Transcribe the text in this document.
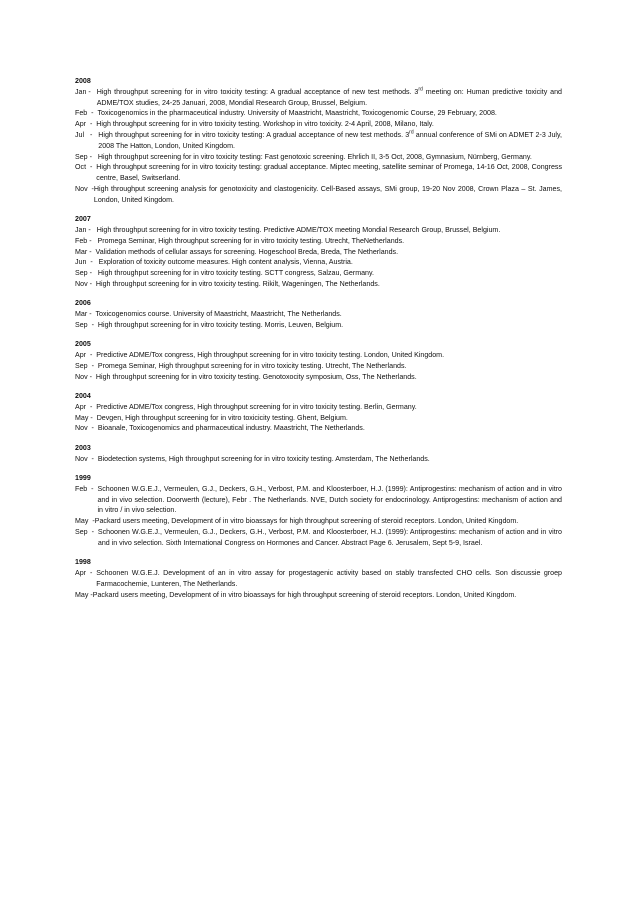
2008
Jan - High throughput screening for in vitro toxicity testing: A gradual acceptance of new test methods. 3rd meeting on: Human predictive toxicity and ADME/TOX studies, 24-25 Januari, 2008, Mondial Research Group, Brussel, Belgium.
Feb  - Toxicogenomics in the pharmaceutical industry. University of Maastricht, Maastricht, Toxicogenomic Course, 29 February, 2008.
Apr  - High throughput screening for in vitro toxicity testing. Workshop in vitro toxicity. 2-4 April, 2008, Milano, Italy.
Jul   - High throughput screening for in vitro toxicity testing: A gradual acceptance of new test methods. 3rd annual conference of SMi on ADMET 2-3 July, 2008 The Hatton, London, United Kingdom.
Sep - High throughput screening for in vitro toxicity testing: Fast genotoxic screening. Ehrlich II, 3-5 Oct, 2008, Gymnasium, Nürnberg, Germany.
Oct  - High throughput screening for in vitro toxicity testing: gradual acceptance. Miptec meeting, satellite seminar of Promega, 14-16 Oct, 2008, Congress centre, Basel, Switserland.
Nov  - High throughput screening analysis for genotoxicity and clastogenicity. Cell-Based assays, SMi group, 19-20 Nov 2008, Crown Plaza – St. James, London, United Kingdom.
2007
Jan - High throughput screening for in vitro toxicity testing. Predictive ADME/TOX meeting Mondial Research Group, Brussel, Belgium.
Feb - Promega Seminar, High throughput screening for in vitro toxicity testing. Utrecht, TheNetherlands.
Mar - Validation methods of cellular assays for screening. Hogeschool Breda, Breda, The Netherlands.
Jun  - Exploration of toxicity outcome measures. High content analysis, Vienna, Austria.
Sep - High throughput screening for in vitro toxicity testing. SCTT congress, Salzau, Germany.
Nov - High throughput screening for in vitro toxicity testing. Rikilt, Wageningen, The Netherlands.
2006
Mar - Toxicogenomics course. University of Maastricht, Maastricht, The Netherlands.
Sep  - High throughput screening for in vitro toxicity testing. Morris, Leuven, Belgium.
2005
Apr  - Predictive ADME/Tox congress, High throughput screening for in vitro toxicity testing. London, United Kingdom.
Sep  - Promega Seminar, High throughput screening for in vitro toxicity testing. Utrecht, The Netherlands.
Nov - High throughput screening for in vitro toxicity testing. Genotoxocity symposium, Oss, The Netherlands.
2004
Apr  - Predictive ADME/Tox congress, High throughput screening for in vitro toxicity testing. Berlin, Germany.
May - Devgen, High throughput screening for in vitro toxicicity testing. Ghent, Belgium.
Nov  - Bioanale, Toxicogenomics and pharmaceutical industry. Maastricht, The Netherlands.
2003
Nov  - Biodetection systems, High throughput screening for in vitro toxicity testing. Amsterdam, The Netherlands.
1999
Feb  - Schoonen W.G.E.J., Vermeulen, G.J., Deckers, G.H., Verbost, P.M. and Kloosterboer, H.J. (1999): Antiprogestins: mechanism of action and in vitro and in vivo selection. Doorwerth (lecture), Febr . The Netherlands. NVE, Dutch society for endocrinology. Antiprogestins: mechanism of action and in vitro / in vivo selection.
May  - Packard users meeting, Development of in vitro bioassays for high throughput screening of steroid receptors. London, United Kingdom.
Sep  - Schoonen W.G.E.J., Vermeulen, G.J., Deckers, G.H., Verbost, P.M. and Kloosterboer, H.J. (1999): Antiprogestins: mechanism of action and in vitro and in vivo selection. Sixth International Congress on Hormones and Cancer. Abstract Page 6. Jerusalem, Sept 5-9, Israel.
1998
Apr  - Schoonen W.G.E.J. Development of an in vitro assay for progestagenic activity based on stably transfected CHO cells. Son discussie groep Farmacochemie, Lunteren, The Netherlands.
May - Packard users meeting, Development of in vitro bioassays for high throughput screening of steroid receptors. London, United Kingdom.
